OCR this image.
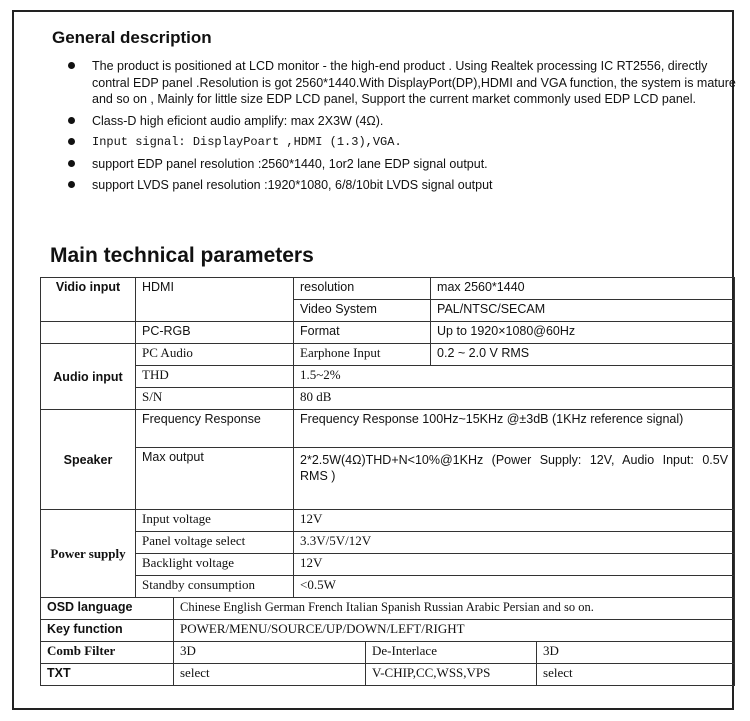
General description
The product is positioned at LCD monitor - the high-end product . Using Realtek processing IC RT2556, directly contral EDP panel .Resolution is got 2560*1440.With DisplayPort(DP),HDMI and VGA function, the system is mature and so on , Mainly for little size EDP LCD panel, Support the current market commonly used EDP LCD panel.
Class-D high eficiont audio amplify: max 2X3W (4Ω).
Input signal: DisplayPoart ,HDMI (1.3),VGA.
support EDP panel resolution :2560*1440, 1or2 lane EDP signal output.
support LVDS panel resolution :1920*1080, 6/8/10bit LVDS signal output
Main technical parameters
Vidio input	HDMI		resolution		max 2560*1440	
			Video System		PAL/NTSC/SECAM	
	PC-RGB		Format		Up to 1920×1080@60Hz	
Audio input	PC Audio		Earphone Input		0.2 ~ 2.0 V RMS	
	THD		1.5~2%			
	S/N		80 dB			
Speaker	Frequency Response		Frequency Response 100Hz~15KHz @±3dB (1KHz reference signal)			
	Max output		2*2.5W(4Ω)THD+N<10%@1KHz (Power Supply: 12V, Audio Input: 0.5V RMS )			
Power supply	Input voltage		12V			
	Panel voltage select		3.3V/5V/12V			
	Backlight voltage		12V			
	Standby consumption		<0.5W			
OSD language		Chinese English German French Italian Spanish Russian Arabic Persian and so on.				
Key function		POWER/MENU/SOURCE/UP/DOWN/LEFT/RIGHT				
Comb Filter		3D		De-Interlace		3D
TXT		select		V-CHIP,CC,WSS,VPS		select
